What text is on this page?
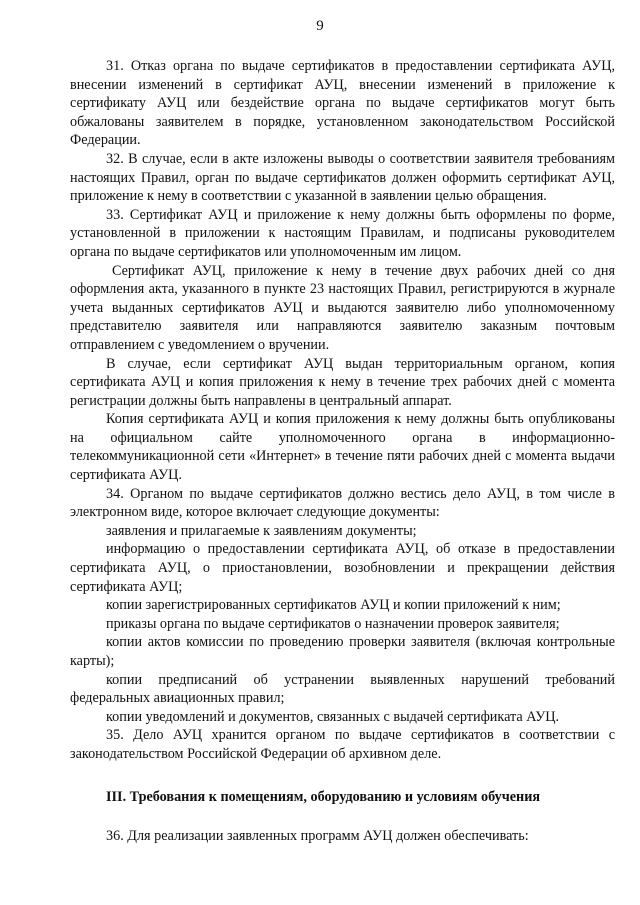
9

31. Отказ органа по выдаче сертификатов в предоставлении сертификата АУЦ, внесении изменений в сертификат АУЦ, внесении изменений в приложение к сертификату АУЦ или бездействие органа по выдаче сертификатов могут быть обжалованы заявителем в порядке, установленном законодательством Российской Федерации.

32. В случае, если в акте изложены выводы о соответствии заявителя требованиям настоящих Правил, орган по выдаче сертификатов должен оформить сертификат АУЦ, приложение к нему в соответствии с указанной в заявлении целью обращения.

33. Сертификат АУЦ и приложение к нему должны быть оформлены по форме, установленной в приложении к настоящим Правилам, и подписаны руководителем органа по выдаче сертификатов или уполномоченным им лицом.

Сертификат АУЦ, приложение к нему в течение двух рабочих дней со дня оформления акта, указанного в пункте 23 настоящих Правил, регистрируются в журнале учета выданных сертификатов АУЦ и выдаются заявителю либо уполномоченному представителю заявителя или направляются заявителю заказным почтовым отправлением с уведомлением о вручении.

В случае, если сертификат АУЦ выдан территориальным органом, копия сертификата АУЦ и копия приложения к нему в течение трех рабочих дней с момента регистрации должны быть направлены в центральный аппарат.

Копия сертификата АУЦ и копия приложения к нему должны быть опубликованы на официальном сайте уполномоченного органа в информационно-телекоммуникационной сети «Интернет» в течение пяти рабочих дней с момента выдачи сертификата АУЦ.

34. Органом по выдаче сертификатов должно вестись дело АУЦ, в том числе в электронном виде, которое включает следующие документы:

заявления и прилагаемые к заявлениям документы;

информацию о предоставлении сертификата АУЦ, об отказе в предоставлении сертификата АУЦ, о приостановлении, возобновлении и прекращении действия сертификата АУЦ;

копии зарегистрированных сертификатов АУЦ и копии приложений к ним;

приказы органа по выдаче сертификатов о назначении проверок заявителя;

копии актов комиссии по проведению проверки заявителя (включая контрольные карты);

копии предписаний об устранении выявленных нарушений требований федеральных авиационных правил;

копии уведомлений и документов, связанных с выдачей сертификата АУЦ.

35. Дело АУЦ хранится органом по выдаче сертификатов в соответствии с законодательством Российской Федерации об архивном деле.

III. Требования к помещениям, оборудованию и условиям обучения

36. Для реализации заявленных программ АУЦ должен обеспечивать:
